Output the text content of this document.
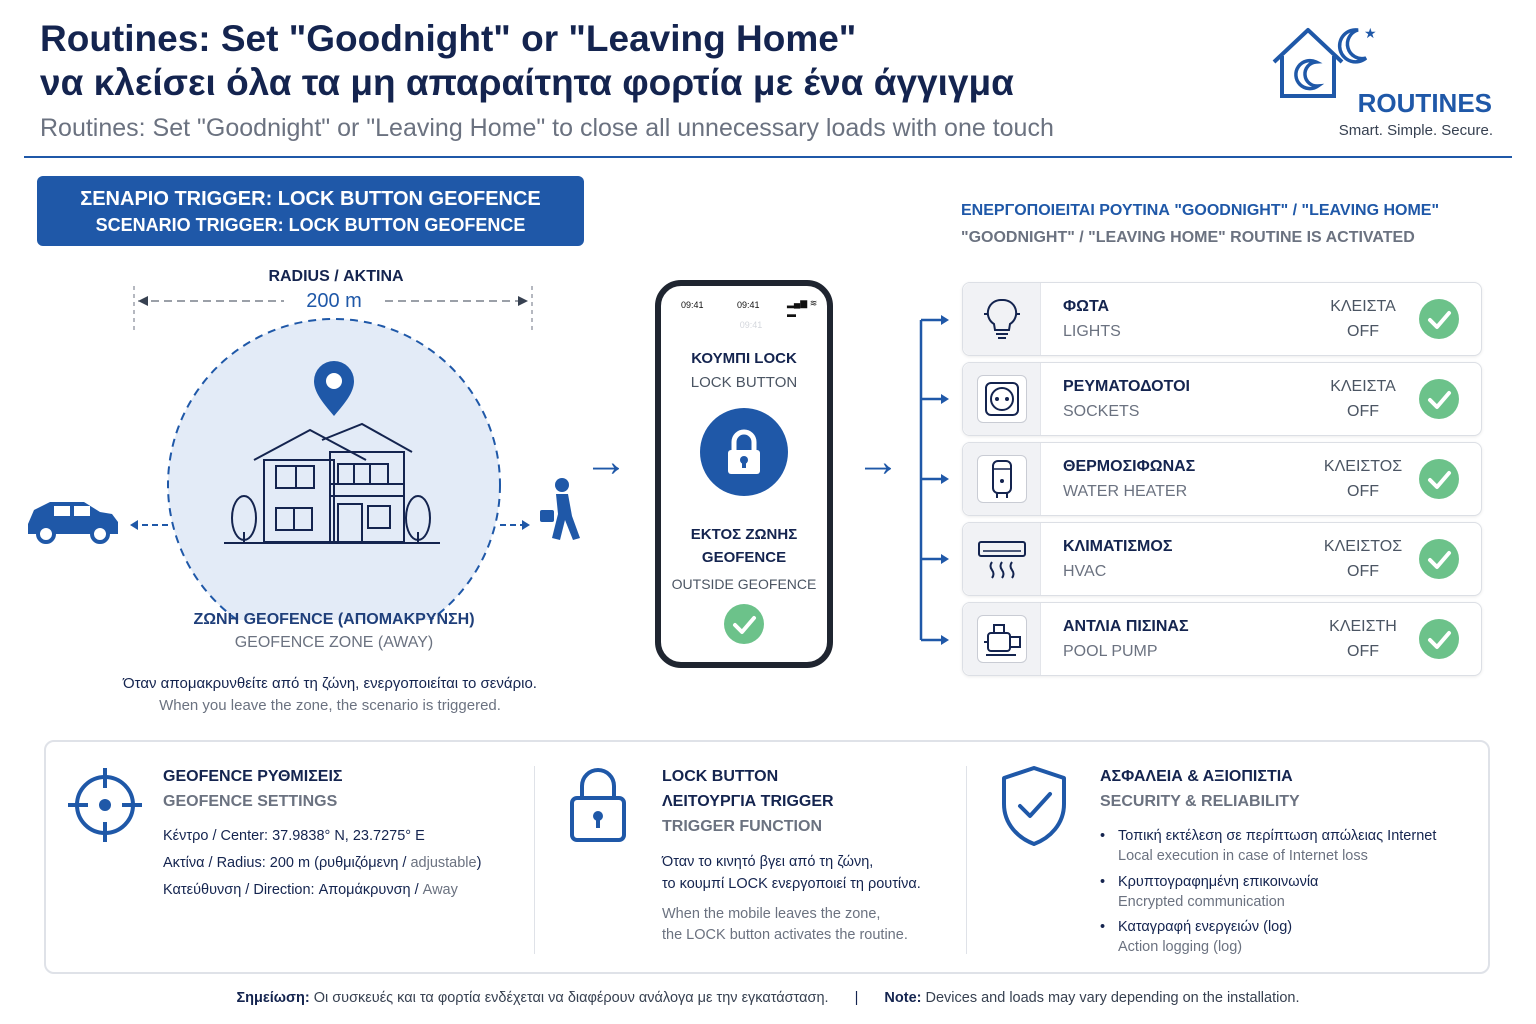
Routines: Set "Goodnight" or "Leaving Home"
να κλείσει όλα τα μη απαραίτητα φορτία με ένα άγγιγμα
Routines: Set "Goodnight" or "Leaving Home" to close all unnecessary loads with one touch
★
ROUTINES
Smart. Simple. Secure.
ΣΕΝΑΡΙΟ TRIGGER: LOCK BUTTON GEOFENCE
SCENARIO TRIGGER: LOCK BUTTON GEOFENCE
RADIUS / ΑΚΤΙΝΑ
200 m
ΖΩΝΗ GEOFENCE (ΑΠΟΜΑΚΡΥΝΣΗ)
GEOFENCE ZONE (AWAY)
Όταν απομακρυνθείτε από τη ζώνη, ενεργοποιείται το σενάριο.
When you leave the zone, the scenario is triggered.
→
09:41	09:41	▂▄▆ ≋ ▬
09:41
ΚΟΥΜΠΙ LOCK
LOCK BUTTON
ΕΚΤΟΣ ΖΩΝΗΣ
GEOFENCE
OUTSIDE GEOFENCE
→
ΕΝΕΡΓΟΠΟΙΕΙΤΑΙ ΡΟΥΤΙΝΑ "GOODNIGHT" / "LEAVING HOME"
"GOODNIGHT" / "LEAVING HOME" ROUTINE IS ACTIVATED
ΦΩΤΑ
LIGHTS
ΚΛΕΙΣΤΑ
OFF
ΡΕΥΜΑΤΟΔΟΤΟΙ
SOCKETS
ΚΛΕΙΣΤΑ
OFF
ΘΕΡΜΟΣΙΦΩΝΑΣ
WATER HEATER
ΚΛΕΙΣΤΟΣ
OFF
ΚΛΙΜΑΤΙΣΜΟΣ
HVAC
ΚΛΕΙΣΤΟΣ
OFF
ΑΝΤΛΙΑ ΠΙΣΙΝΑΣ
POOL PUMP
ΚΛΕΙΣΤΗ
OFF
GEOFENCE ΡΥΘΜΙΣΕΙΣ
GEOFENCE SETTINGS
Κέντρο / Center: 37.9838° N, 23.7275° E
Ακτίνα / Radius: 200 m (ρυθμιζόμενη / adjustable)
Κατεύθυνση / Direction: Απομάκρυνση / Away
LOCK BUTTON
ΛΕΙΤΟΥΡΓΙΑ TRIGGER
TRIGGER FUNCTION
Όταν το κινητό βγει από τη ζώνη,
το κουμπί LOCK ενεργοποιεί τη ρουτίνα.
When the mobile leaves the zone,
the LOCK button activates the routine.
ΑΣΦΑΛΕΙΑ & ΑΞΙΟΠΙΣΤΙΑ
SECURITY & RELIABILITY
• Τοπική εκτέλεση σε περίπτωση απώλειας Internet
Local execution in case of Internet loss
• Κρυπτογραφημένη επικοινωνία
Encrypted communication
• Καταγραφή ενεργειών (log)
Action logging (log)
Σημείωση: Οι συσκευές και τα φορτία ενδέχεται να διαφέρουν ανάλογα με την εγκατάσταση. | Note: Devices and loads may vary depending on the installation.
